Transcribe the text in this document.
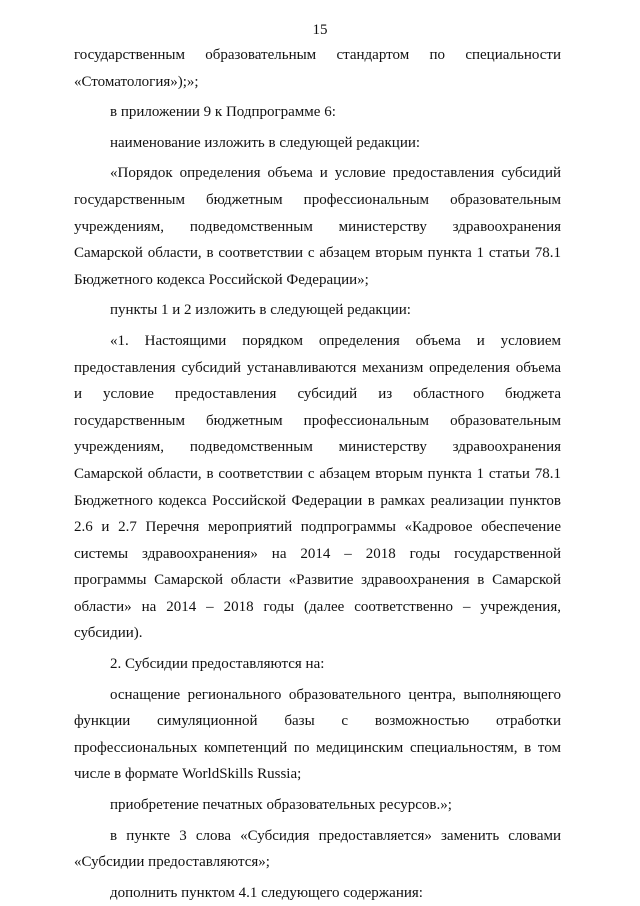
15

государственным образовательным стандартом по специальности «Стоматология»);»;

в приложении 9 к Подпрограмме 6:

наименование изложить в следующей редакции:

«Порядок определения объема и условие предоставления субсидий государственным бюджетным профессиональным образовательным учреждениям, подведомственным министерству здравоохранения Самарской области, в соответствии с абзацем вторым пункта 1 статьи 78.1 Бюджетного кодекса Российской Федерации»;

пункты 1 и 2 изложить в следующей редакции:

«1. Настоящими порядком определения объема и условием предоставления субсидий устанавливаются механизм определения объема и условие предоставления субсидий из областного бюджета государственным бюджетным профессиональным образовательным учреждениям, подведомственным министерству здравоохранения Самарской области, в соответствии с абзацем вторым пункта 1 статьи 78.1 Бюджетного кодекса Российской Федерации в рамках реализации пунктов 2.6 и 2.7 Перечня мероприятий подпрограммы «Кадровое обеспечение системы здравоохранения» на 2014 – 2018 годы государственной программы Самарской области «Развитие здравоохранения в Самарской области» на 2014 – 2018 годы (далее соответственно – учреждения, субсидии).

2. Субсидии предоставляются на:

оснащение регионального образовательного центра, выполняющего функции симуляционной базы с возможностью отработки профессиональных компетенций по медицинским специальностям, в том числе в формате WorldSkills Russia;

приобретение печатных образовательных ресурсов.»;

в пункте 3 слова «Субсидия предоставляется» заменить словами «Субсидии предоставляются»;

дополнить пунктом 4.1 следующего содержания:
